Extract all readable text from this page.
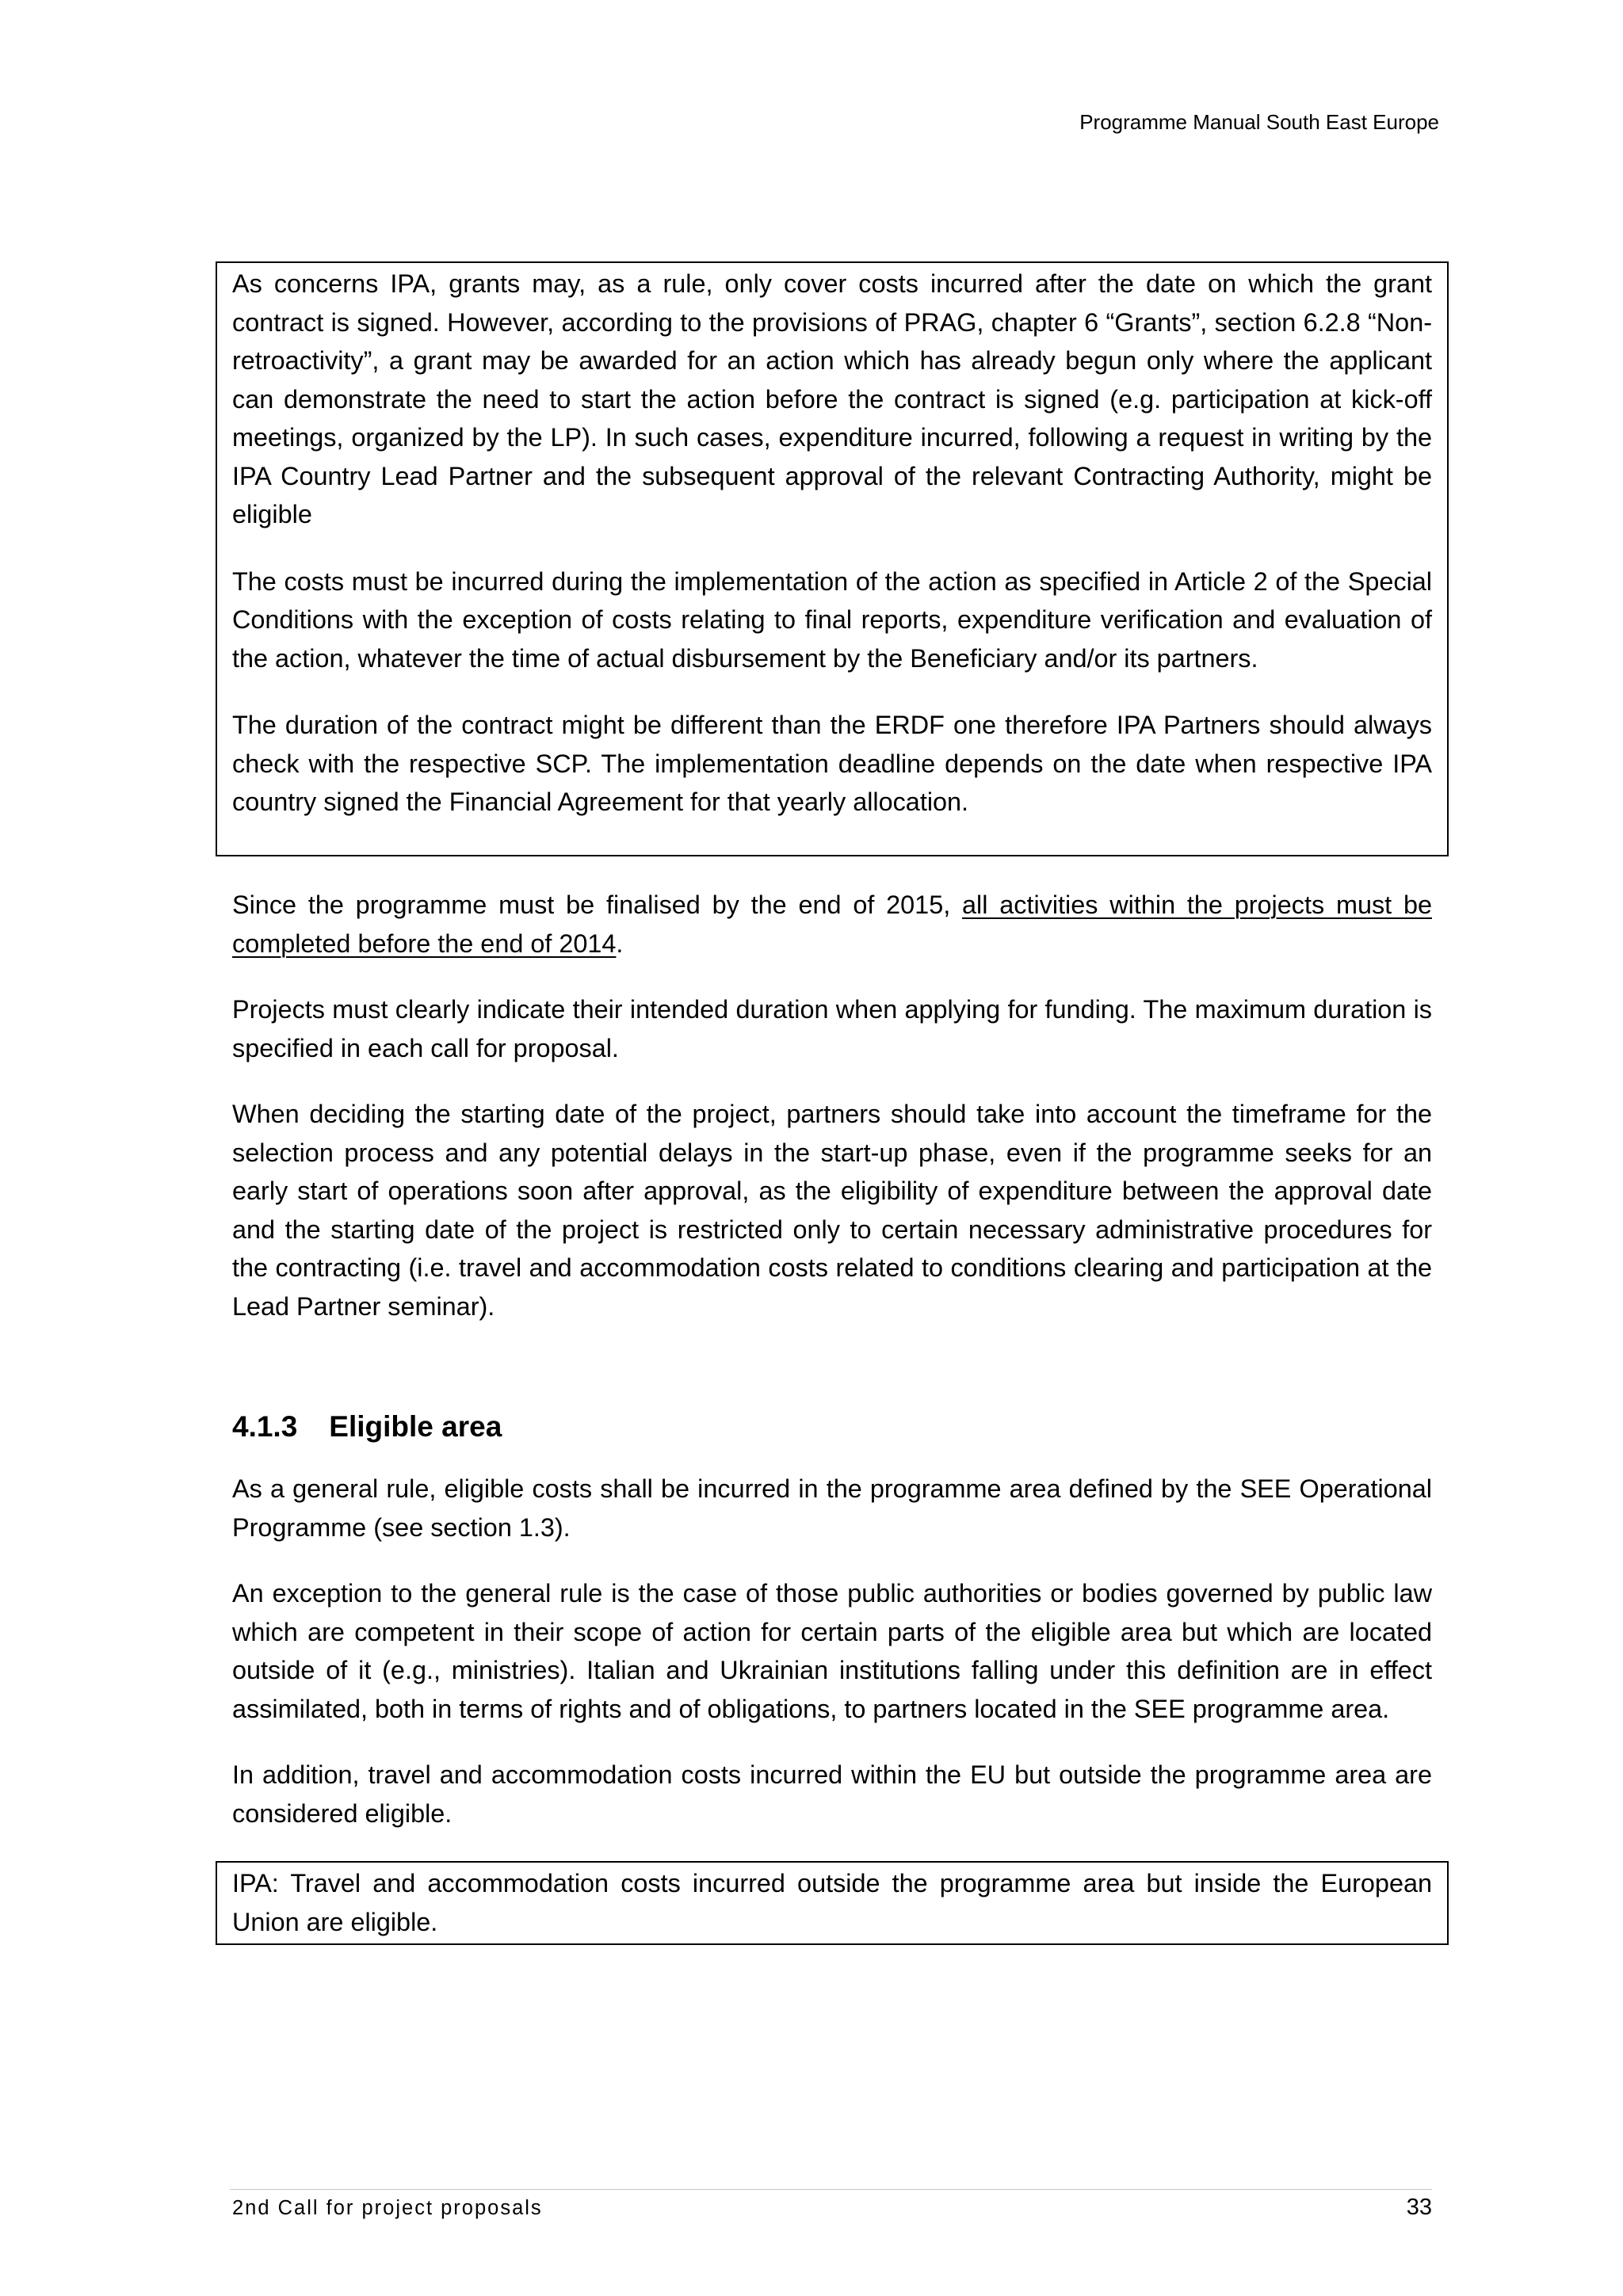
Programme Manual South East Europe

As concerns IPA, grants may, as a rule, only cover costs incurred after the date on which the grant contract is signed. However, according to the provisions of PRAG, chapter 6 “Grants”, section 6.2.8 “Non-retroactivity”, a grant may be awarded for an action which has already begun only where the applicant can demonstrate the need to start the action before the contract is signed (e.g. participation at kick-off meetings, organized by the LP). In such cases, expenditure incurred, following a request in writing by the IPA Country Lead Partner and the subsequent approval of the relevant Contracting Authority, might be eligible

The costs must be incurred during the implementation of the action as specified in Article 2 of the Special Conditions with the exception of costs relating to final reports, expenditure verification and evaluation of the action, whatever the time of actual disbursement by the Beneficiary and/or its partners.

The duration of the contract might be different than the ERDF one therefore IPA Partners should always check with the respective SCP. The implementation deadline depends on the date when respective IPA country signed the Financial Agreement for that yearly allocation.

Since the programme must be finalised by the end of 2015, all activities within the projects must be completed before the end of 2014.

Projects must clearly indicate their intended duration when applying for funding. The maximum duration is specified in each call for proposal.

When deciding the starting date of the project, partners should take into account the timeframe for the selection process and any potential delays in the start-up phase, even if the programme seeks for an early start of operations soon after approval, as the eligibility of expenditure between the approval date and the starting date of the project is restricted only to certain necessary administrative procedures for the contracting (i.e. travel and accommodation costs related to conditions clearing and participation at the Lead Partner seminar).

4.1.3 Eligible area

As a general rule, eligible costs shall be incurred in the programme area defined by the SEE Operational Programme (see section 1.3).

An exception to the general rule is the case of those public authorities or bodies governed by public law which are competent in their scope of action for certain parts of the eligible area but which are located outside of it (e.g., ministries). Italian and Ukrainian institutions falling under this definition are in effect assimilated, both in terms of rights and of obligations, to partners located in the SEE programme area.

In addition, travel and accommodation costs incurred within the EU but outside the programme area are considered eligible.

IPA: Travel and accommodation costs incurred outside the programme area but inside the European Union are eligible.

2nd Call for project proposals	33
